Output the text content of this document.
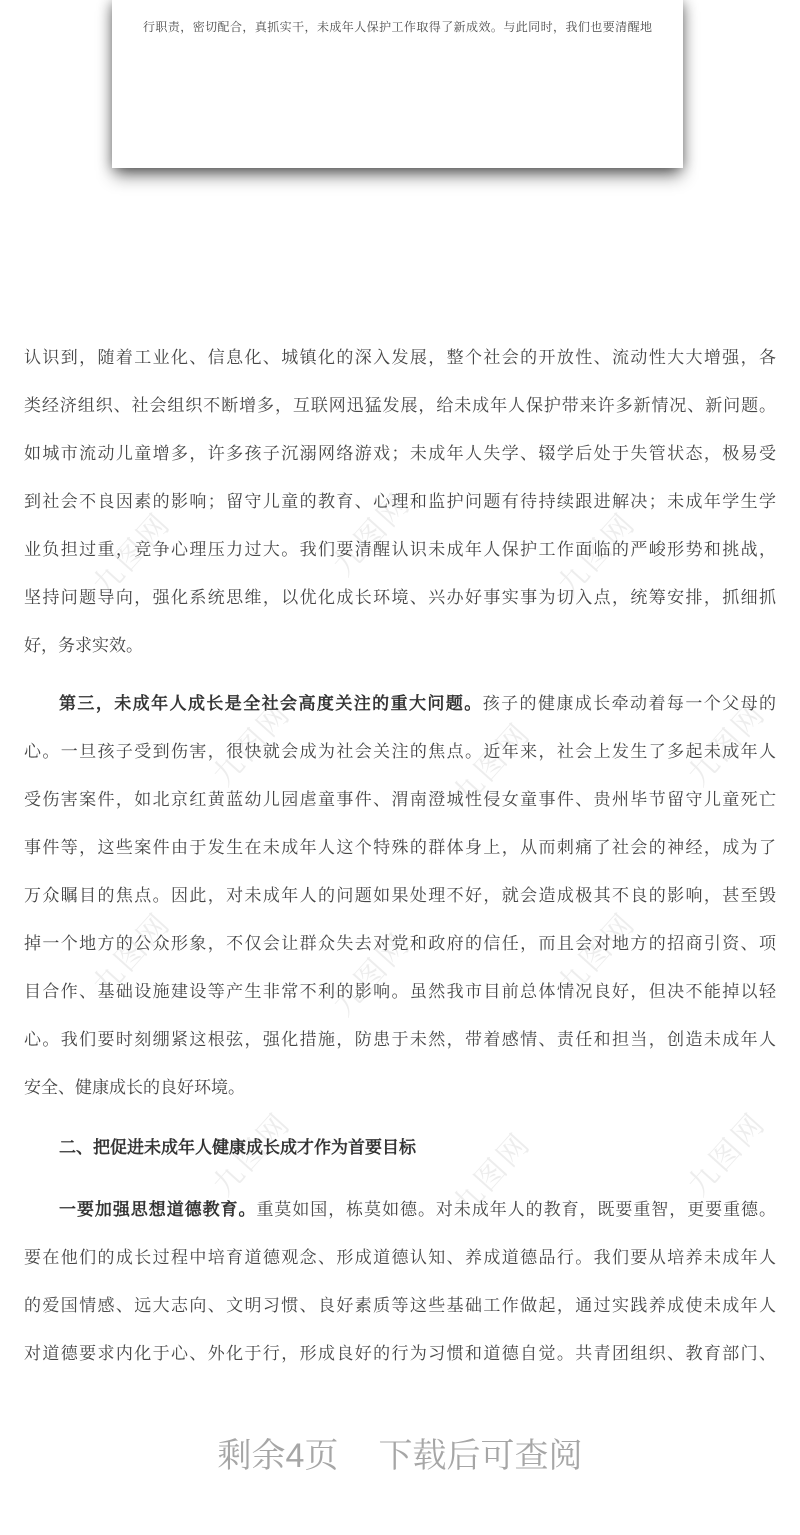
九图网	九图网	九图网
九图网	九图网	九图网
九图网	九图网	九图网
九图网	九图网	九图网
行职责，密切配合，真抓实干，未成年人保护工作取得了新成效。与此同时，我们也要清醒地
认识到，随着工业化、信息化、城镇化的深入发展，整个社会的开放性、流动性大大增强，各
类经济组织、社会组织不断增多，互联网迅猛发展，给未成年人保护带来许多新情况、新问题。
如城市流动儿童增多，许多孩子沉溺网络游戏；未成年人失学、辍学后处于失管状态，极易受
到社会不良因素的影响；留守儿童的教育、心理和监护问题有待持续跟进解决；未成年学生学
业负担过重，竞争心理压力过大。我们要清醒认识未成年人保护工作面临的严峻形势和挑战，
坚持问题导向，强化系统思维，以优化成长环境、兴办好事实事为切入点，统筹安排，抓细抓
好，务求实效。
第三，未成年人成长是全社会高度关注的重大问题。孩子的健康成长牵动着每一个父母的
心。一旦孩子受到伤害，很快就会成为社会关注的焦点。近年来，社会上发生了多起未成年人
受伤害案件，如北京红黄蓝幼儿园虐童事件、渭南澄城性侵女童事件、贵州毕节留守儿童死亡
事件等，这些案件由于发生在未成年人这个特殊的群体身上，从而刺痛了社会的神经，成为了
万众瞩目的焦点。因此，对未成年人的问题如果处理不好，就会造成极其不良的影响，甚至毁
掉一个地方的公众形象，不仅会让群众失去对党和政府的信任，而且会对地方的招商引资、项
目合作、基础设施建设等产生非常不利的影响。虽然我市目前总体情况良好，但决不能掉以轻
心。我们要时刻绷紧这根弦，强化措施，防患于未然，带着感情、责任和担当，创造未成年人
安全、健康成长的良好环境。
二、把促进未成年人健康成长成才作为首要目标
一要加强思想道德教育。重莫如国，栋莫如德。对未成年人的教育，既要重智，更要重德。
要在他们的成长过程中培育道德观念、形成道德认知、养成道德品行。我们要从培养未成年人
的爱国情感、远大志向、文明习惯、良好素质等这些基础工作做起，通过实践养成使未成年人
对道德要求内化于心、外化于行，形成良好的行为习惯和道德自觉。共青团组织、教育部门、
剩余4页 下载后可查阅
